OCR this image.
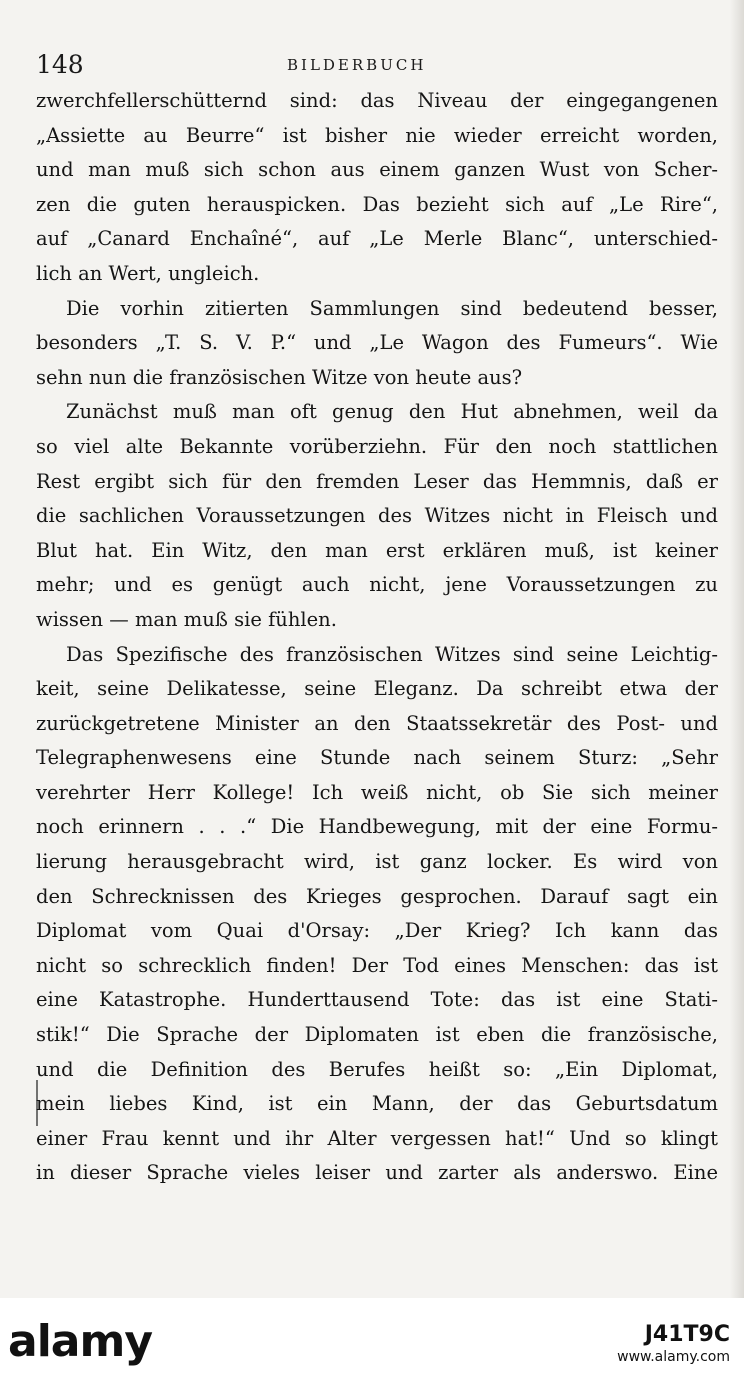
148	BILDERBUCH
zwerchfellerschütternd sind: das Niveau der eingegangenen
„Assiette au Beurre“ ist bisher nie wieder erreicht worden,
und man muß sich schon aus einem ganzen Wust von Scher-
zen die guten herauspicken. Das bezieht sich auf „Le Rire“,
auf „Canard Enchaîné“, auf „Le Merle Blanc“, unterschied-
lich an Wert, ungleich.
Die vorhin zitierten Sammlungen sind bedeutend besser,
besonders „T. S. V. P.“ und „Le Wagon des Fumeurs“. Wie
sehn nun die französischen Witze von heute aus?
Zunächst muß man oft genug den Hut abnehmen, weil da
so viel alte Bekannte vorüberziehn. Für den noch stattlichen
Rest ergibt sich für den fremden Leser das Hemmnis, daß er
die sachlichen Voraussetzungen des Witzes nicht in Fleisch und
Blut hat. Ein Witz, den man erst erklären muß, ist keiner
mehr; und es genügt auch nicht, jene Voraussetzungen zu
wissen — man muß sie fühlen.
Das Spezifische des französischen Witzes sind seine Leichtig-
keit, seine Delikatesse, seine Eleganz. Da schreibt etwa der
zurückgetretene Minister an den Staatssekretär des Post- und
Telegraphenwesens eine Stunde nach seinem Sturz: „Sehr
verehrter Herr Kollege! Ich weiß nicht, ob Sie sich meiner
noch erinnern . . .“ Die Handbewegung, mit der eine Formu-
lierung herausgebracht wird, ist ganz locker. Es wird von
den Schrecknissen des Krieges gesprochen. Darauf sagt ein
Diplomat vom Quai d'Orsay: „Der Krieg? Ich kann das
nicht so schrecklich finden! Der Tod eines Menschen: das ist
eine Katastrophe. Hunderttausend Tote: das ist eine Stati-
stik!“ Die Sprache der Diplomaten ist eben die französische,
und die Definition des Berufes heißt so: „Ein Diplomat,
mein liebes Kind, ist ein Mann, der das Geburtsdatum
einer Frau kennt und ihr Alter vergessen hat!“ Und so klingt
in dieser Sprache vieles leiser und zarter als anderswo. Eine
alamy	J41T9C
www.alamy.com
